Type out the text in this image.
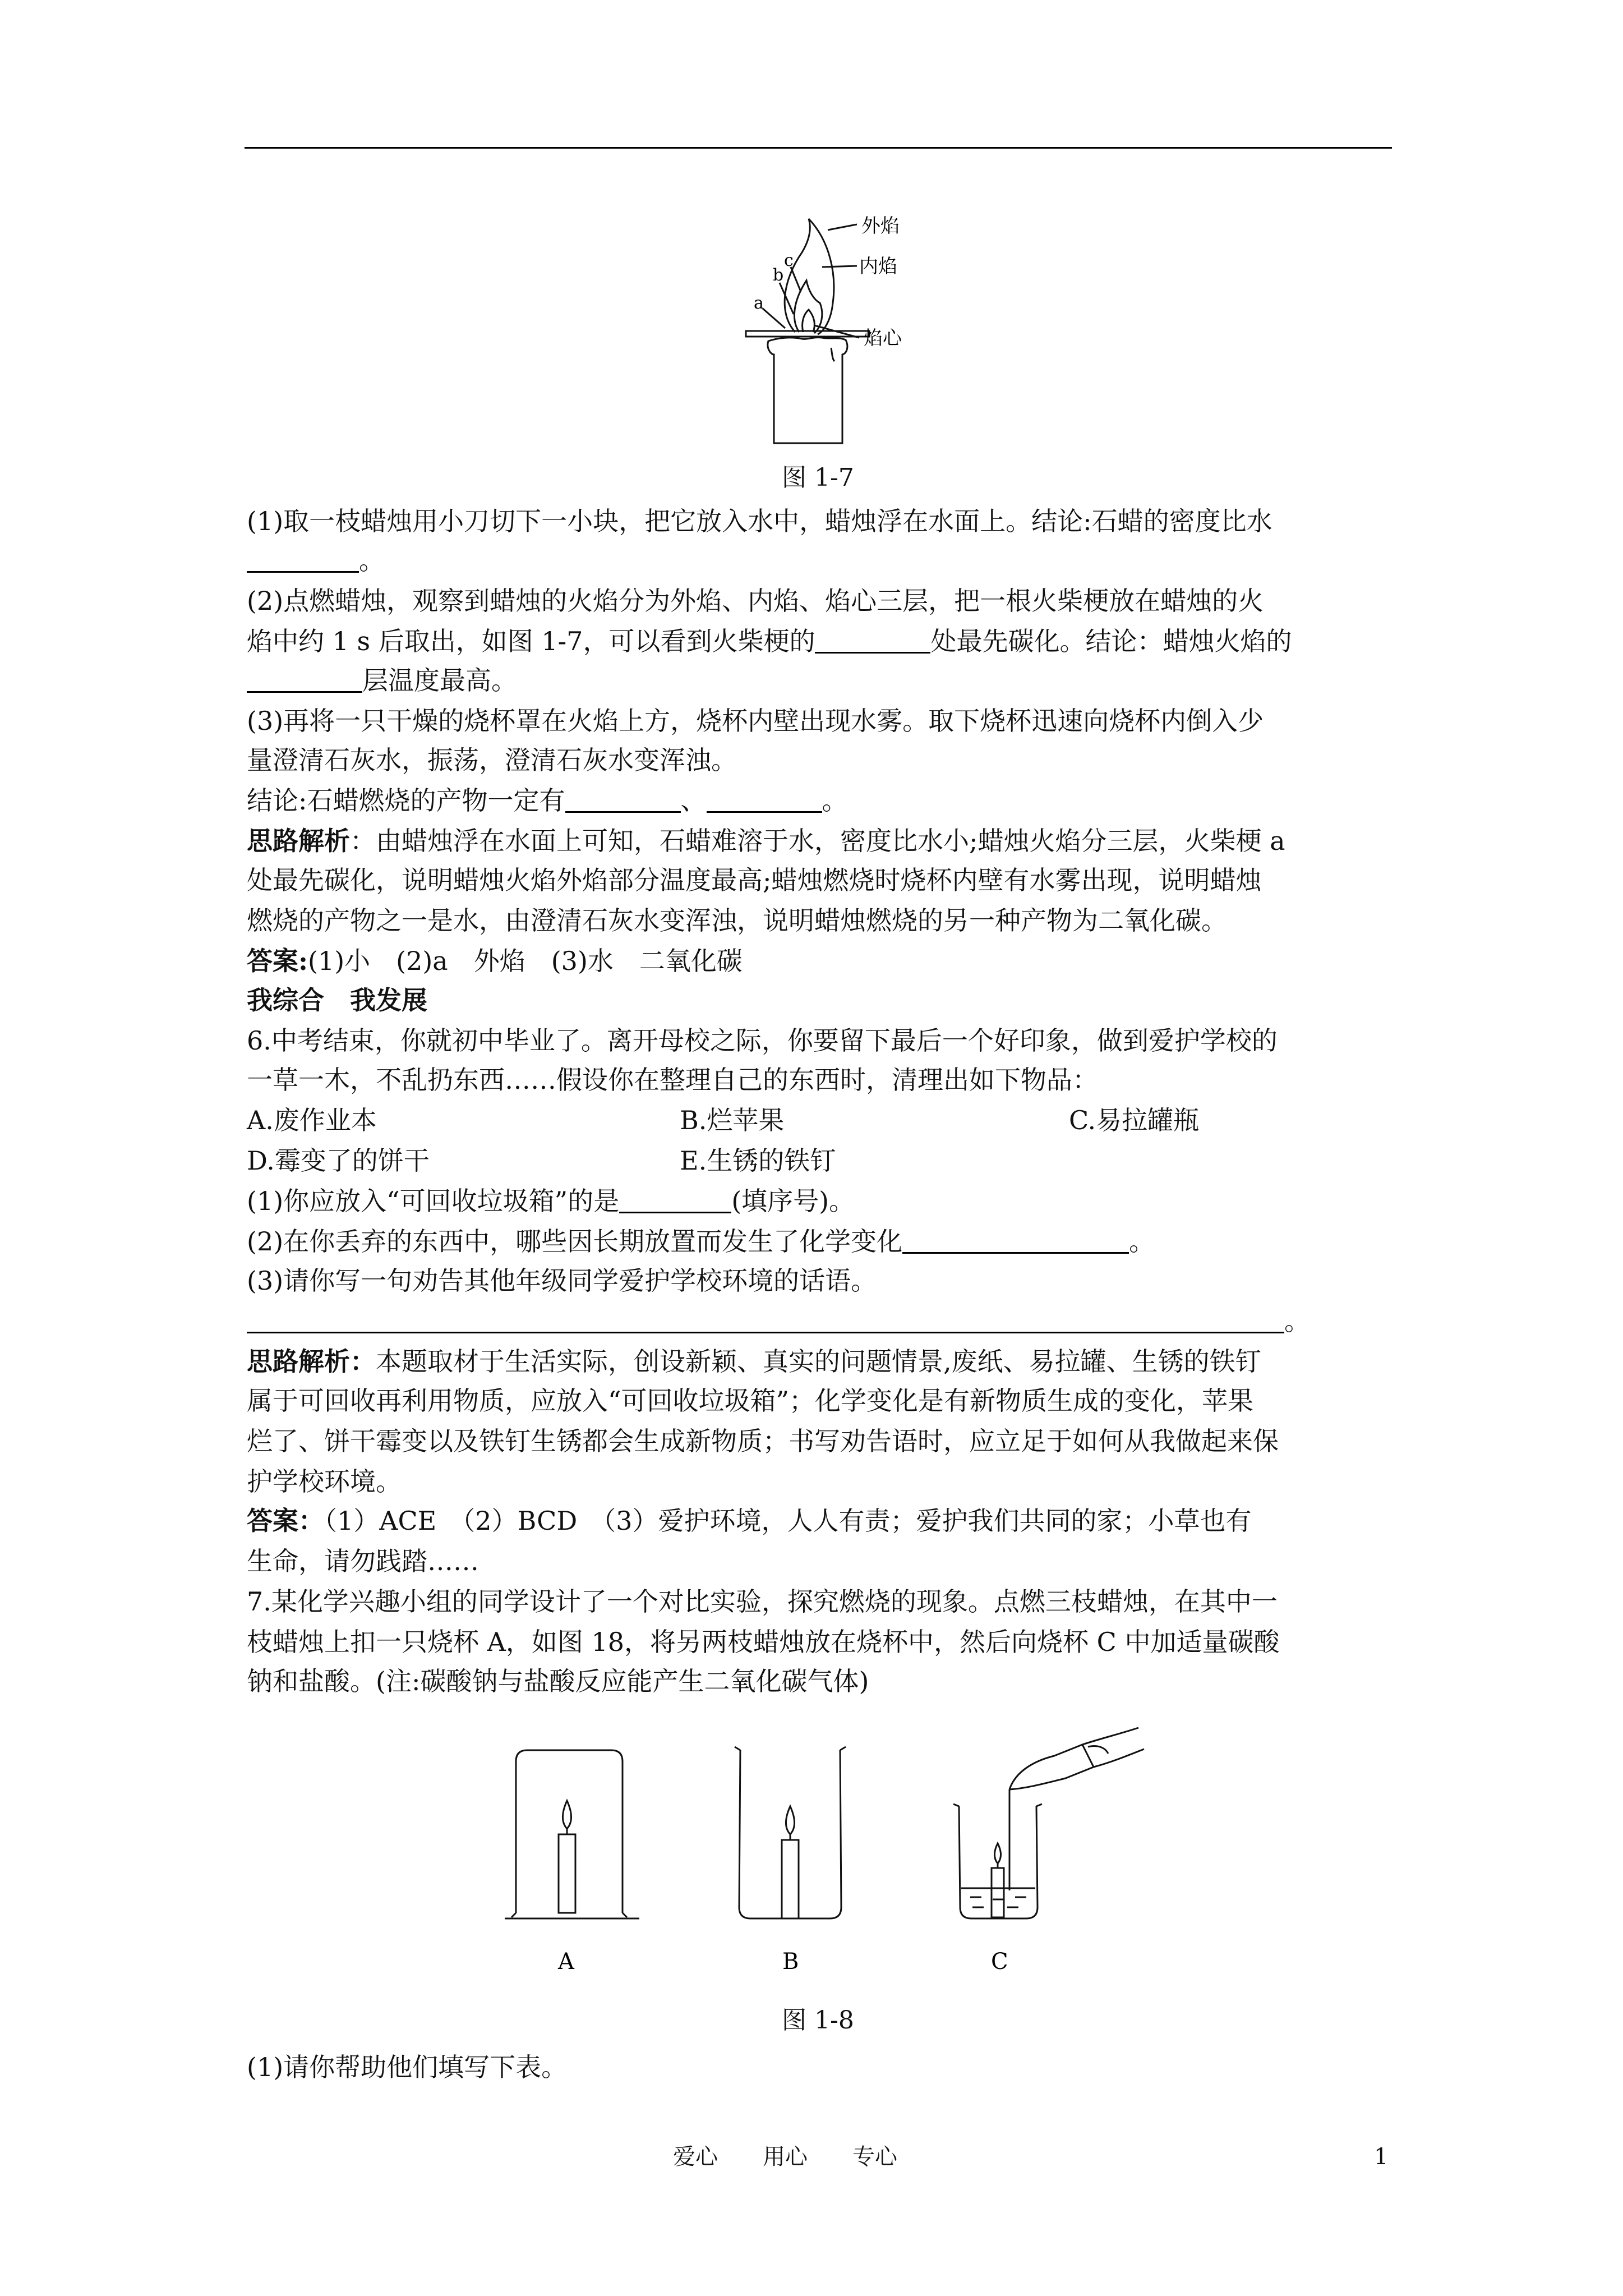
外焰
内焰
焰心
c
b
a
图 1-7
(1)取一枝蜡烛用小刀切下一小块，把它放入水中，蜡烛浮在水面上。结论:石蜡的密度比水
。
(2)点燃蜡烛，观察到蜡烛的火焰分为外焰、内焰、焰心三层，把一根火柴梗放在蜡烛的火
焰中约 1 s 后取出，如图 1-7，可以看到火柴梗的	处最先碳化。结论：蜡烛火焰的
层温度最高。
(3)再将一只干燥的烧杯罩在火焰上方，烧杯内壁出现水雾。取下烧杯迅速向烧杯内倒入少
量澄清石灰水，振荡，澄清石灰水变浑浊。
结论:石蜡燃烧的产物一定有	、	。
思路解析：由蜡烛浮在水面上可知，石蜡难溶于水，密度比水小;蜡烛火焰分三层，火柴梗 a
处最先碳化，说明蜡烛火焰外焰部分温度最高;蜡烛燃烧时烧杯内壁有水雾出现，说明蜡烛
燃烧的产物之一是水，由澄清石灰水变浑浊，说明蜡烛燃烧的另一种产物为二氧化碳。
答案:(1)小　(2)a　外焰　(3)水　二氧化碳
我综合　我发展
6.中考结束，你就初中毕业了。离开母校之际，你要留下最后一个好印象，做到爱护学校的
一草一木，不乱扔东西……假设你在整理自己的东西时，清理出如下物品：
A.废作业本	B.烂苹果	C.易拉罐瓶
D.霉变了的饼干	E.生锈的铁钉
(1)你应放入“可回收垃圾箱”的是	(填序号)。
(2)在你丢弃的东西中，哪些因长期放置而发生了化学变化	。
(3)请你写一句劝告其他年级同学爱护学校环境的话语。
。
思路解析：本题取材于生活实际，创设新颖、真实的问题情景,废纸、易拉罐、生锈的铁钉
属于可回收再利用物质，应放入“可回收垃圾箱”；化学变化是有新物质生成的变化，苹果
烂了、饼干霉变以及铁钉生锈都会生成新物质；书写劝告语时，应立足于如何从我做起来保
护学校环境。
答案：（1）ACE　（2）BCD　（3）爱护环境，人人有责；爱护我们共同的家；小草也有
生命，请勿践踏……
7.某化学兴趣小组的同学设计了一个对比实验，探究燃烧的现象。点燃三枝蜡烛，在其中一
枝蜡烛上扣一只烧杯 A，如图 18，将另两枝蜡烛放在烧杯中，然后向烧杯 C 中加适量碳酸
钠和盐酸。(注:碳酸钠与盐酸反应能产生二氧化碳气体)
A	B	C
图 1-8
(1)请你帮助他们填写下表。
爱心　　用心　　专心	1
